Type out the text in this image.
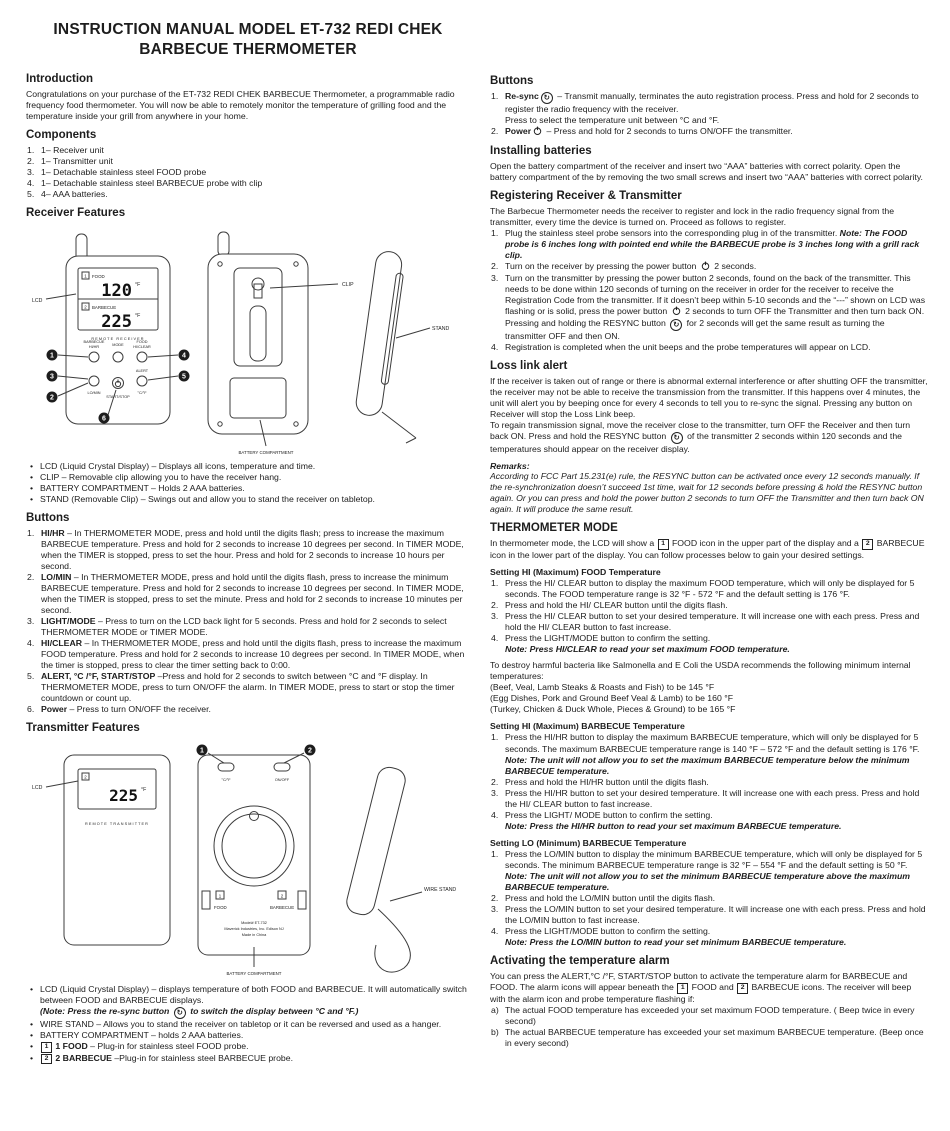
INSTRUCTION MANUAL MODEL ET-732 REDI CHEK
BARBECUE THERMOMETER
Introduction

Congratulations on your purchase of the ET-732 REDI CHEK BARBECUE Thermometer, a programmable radio frequency food thermometer. You will now be able to remotely monitor the temperature of grilling food and the temperature inside your grill from anywhere in your home.

Components
1– Receiver unit
1– Transmitter unit
1– Detachable stainless steel FOOD probe
1– Detachable stainless steel BARBECUE probe with clip
4– AAA batteries.
Receiver Features
1
3
2
4
5
6
LCD
1 FOOD
120 °F
2 BARBECUE
225 °F
REMOTE RECEIVER
BARBECUE
HI/HR	MODE
FOOD
HI/CLEAR
LO/MIN
ALERT
°C/°F
START/STOP
CLIP
STAND
BATTERY COMPARTMENT
• LCD (Liquid Crystal Display) – Displays all icons, temperature and time.
• CLIP – Removable clip allowing you to have the receiver hang.
• BATTERY COMPARTMENT – Holds 2 AAA batteries.
• STAND (Removable Clip) – Swings out and allow you to stand the receiver on tabletop.
Buttons
HI/HR – In THERMOMETER MODE, press and hold until the digits flash; press to increase the maximum BARBECUE temperature. Press and hold for 2 seconds to increase 10 degrees per second. In TIMER MODE, when the TIMER is stopped, press to set the hour. Press and hold for 2 seconds to increase 10 hours per second.
LO/MIN – In THERMOMETER MODE, press and hold until the digits flash, press to increase the minimum BARBECUE temperature. Press and hold for 2 seconds to increase 10 degrees per second. In TIMER MODE, when the TIMER is stopped, press to set the minute. Press and hold for 2 seconds to increase 10 minutes per second.
LIGHT/MODE – Press to turn on the LCD back light for 5 seconds. Press and hold for 2 seconds to select THERMOMETER MODE or TIMER MODE.
HI/CLEAR – In THERMOMETER MODE, press and hold until the digits flash, press to increase the maximum FOOD temperature. Press and hold for 2 seconds to increase 10 degrees per second. In TIMER MODE, when the timer is stopped, press to clear the timer setting back to 0:00.
ALERT, °C /°F, START/STOP –Press and hold for 2 seconds to switch between °C and °F display. In THERMOMETER MODE, press to turn ON/OFF the alarm. In TIMER MODE, press to start or stop the timer countdown or count up.
Power – Press to turn ON/OFF the receiver.
Transmitter Features
1	2
LCD
2
225 °F
REMOTE TRANSMITTER
°C/°F	ON/OFF
1
FOOD
2
BARBECUE
Model# ET-732
Maverick Industries, Inc. Edison NJ
Made in China
WIRE STAND
BATTERY COMPARTMENT
• LCD (Liquid Crystal Display) – displays temperature of both FOOD and BARBECUE. It will automatically switch between FOOD and BARBECUE displays.
(Note: Press the re-sync button ↻ to switch the display between °C and °F.)
• WIRE STAND – Allows you to stand the receiver on tabletop or it can be reversed and used as a hanger.
• BATTERY COMPARTMENT – holds 2 AAA batteries.
• 1 1 FOOD – Plug-in for stainless steel FOOD probe.
• 2 2 BARBECUE –Plug-in for stainless steel BARBECUE probe.
Buttons
Re-sync ↻ – Transmit manually, terminates the auto registration process. Press and hold for 2 seconds to register the radio frequency with the receiver.
Press to select the temperature unit between °C and °F.
Power – Press and hold for 2 seconds to turns ON/OFF the transmitter.
Installing batteries

Open the battery compartment of the receiver and insert two “AAA” batteries with correct polarity. Open the battery compartment of the by removing the two small screws and insert two “AAA” batteries with correct polarity.

Registering Receiver & Transmitter

The Barbecue Thermometer needs the receiver to register and lock in the radio frequency signal from the transmitter, every time the device is turned on. Proceed as follows to register.

Plug the stainless steel probe sensors into the corresponding plug in of the transmitter. Note: The FOOD probe is 6 inches long with pointed end while the BARBECUE probe is 3 inches long with a grill rack clip.
Turn on the receiver by pressing the power button  2 seconds.
Turn on the transmitter by pressing the power button 2 seconds, found on the back of the transmitter. This needs to be done within 120 seconds of turning on the receiver in order for the receiver to receive the Registration Code from the transmitter. If it doesn’t beep within 5-10 seconds and the “---” shown on LCD was flashing or is solid, press the power button  2 seconds to turn OFF the Transmitter and then turn back ON. Pressing and holding the RESYNC button ↻ for 2 seconds will get the same result as turning the transmitter OFF and then ON.
Registration is completed when the unit beeps and the probe temperatures will appear on LCD.
Loss link alert

If the receiver is taken out of range or there is abnormal external interference or after shutting OFF the transmitter, the receiver may not be able to receive the transmission from the transmitter. If this happens over 4 minutes, the unit will alert you by beeping once for every 4 seconds to tell you to re-sync the signal. Pressing any button on Receiver will stop the Loss Link beep.

To regain transmission signal, move the receiver close to the transmitter, turn OFF the Receiver and then turn back ON. Press and hold the RESYNC button ↻ of the transmitter 2 seconds within 120 seconds and the temperatures should appear on the receiver display.

Remarks:

According to FCC Part 15.231(e) rule, the RESYNC button can be activated once every 12 seconds manually. If the re-synchronization doesn’t succeed 1st time, wait for 12 seconds before pressing & hold the RESYNC button again. Or you can press and hold the power button 2 seconds to turn OFF the Transmitter and then turn back ON again. It will produce the same result.

THERMOMETER MODE

In thermometer mode, the LCD will show a 1 FOOD icon in the upper part of the display and a 2 BARBECUE icon in the lower part of the display. You can follow processes below to gain your desired settings.

Setting HI (Maximum) FOOD Temperature
Press the HI/ CLEAR button to display the maximum FOOD temperature, which will only be displayed for 5 seconds. The FOOD temperature range is 32 °F - 572 °F and the default setting is 176 °F.
Press and hold the HI/ CLEAR button until the digits flash.
Press the HI/ CLEAR button to set your desired temperature. It will increase one with each press. Press and hold the HI/ CLEAR button to fast increase.
Press the LIGHT/MODE button to confirm the setting.
Note: Press HI/CLEAR to read your set maximum FOOD temperature.

To destroy harmful bacteria like Salmonella and E Coli the USDA recommends the following minimum internal temperatures:

(Beef, Veal, Lamb Steaks & Roasts and Fish) to be 145 °F
(Egg Dishes, Pork and Ground Beef Veal & Lamb) to be 160 °F
(Turkey, Chicken & Duck Whole, Pieces & Ground) to be 165 °F
Setting HI (Maximum) BARBECUE Temperature
Press the HI/HR button to display the maximum BARBECUE temperature, which will only be displayed for 5 seconds. The maximum BARBECUE temperature range is 140 °F – 572 °F and the default setting is 176 °F.
Note: The unit will not allow you to set the maximum BARBECUE temperature below the minimum BARBECUE temperature.
Press and hold the HI/HR button until the digits flash.
Press the HI/HR button to set your desired temperature. It will increase one with each press. Press and hold the HI/ CLEAR button to fast increase.
Press the LIGHT/ MODE button to confirm the setting.
Note: Press the HI/HR button to read your set maximum BARBECUE temperature.
Setting LO (Minimum) BARBECUE Temperature
Press the LO/MIN button to display the minimum BARBECUE temperature, which will only be displayed for 5 seconds. The minimum BARBECUE temperature range is 32 °F – 554 °F and the default setting is 50 °F.
Note: The unit will not allow you to set the minimum BARBECUE temperature above the maximum BARBECUE temperature.
Press and hold the LO/MIN button until the digits flash.
Press the LO/MIN button to set your desired temperature. It will increase one with each press. Press and hold the LO/MIN button to fast increase.
Press the LIGHT/MODE button to confirm the setting.
Note: Press the LO/MIN button to read your set minimum BARBECUE temperature.
Activating the temperature alarm

You can press the ALERT,°C /°F, START/STOP button to activate the temperature alarm for BARBECUE and FOOD. The alarm icons will appear beneath the 1 FOOD and 2 BARBECUE icons. The receiver will beep with the alarm icon and probe temperature flashing if:

The actual FOOD temperature has exceeded your set maximum FOOD temperature. ( Beep twice in every second)
The actual BARBECUE temperature has exceeded your set maximum BARBECUE temperature. (Beep once in every second)
